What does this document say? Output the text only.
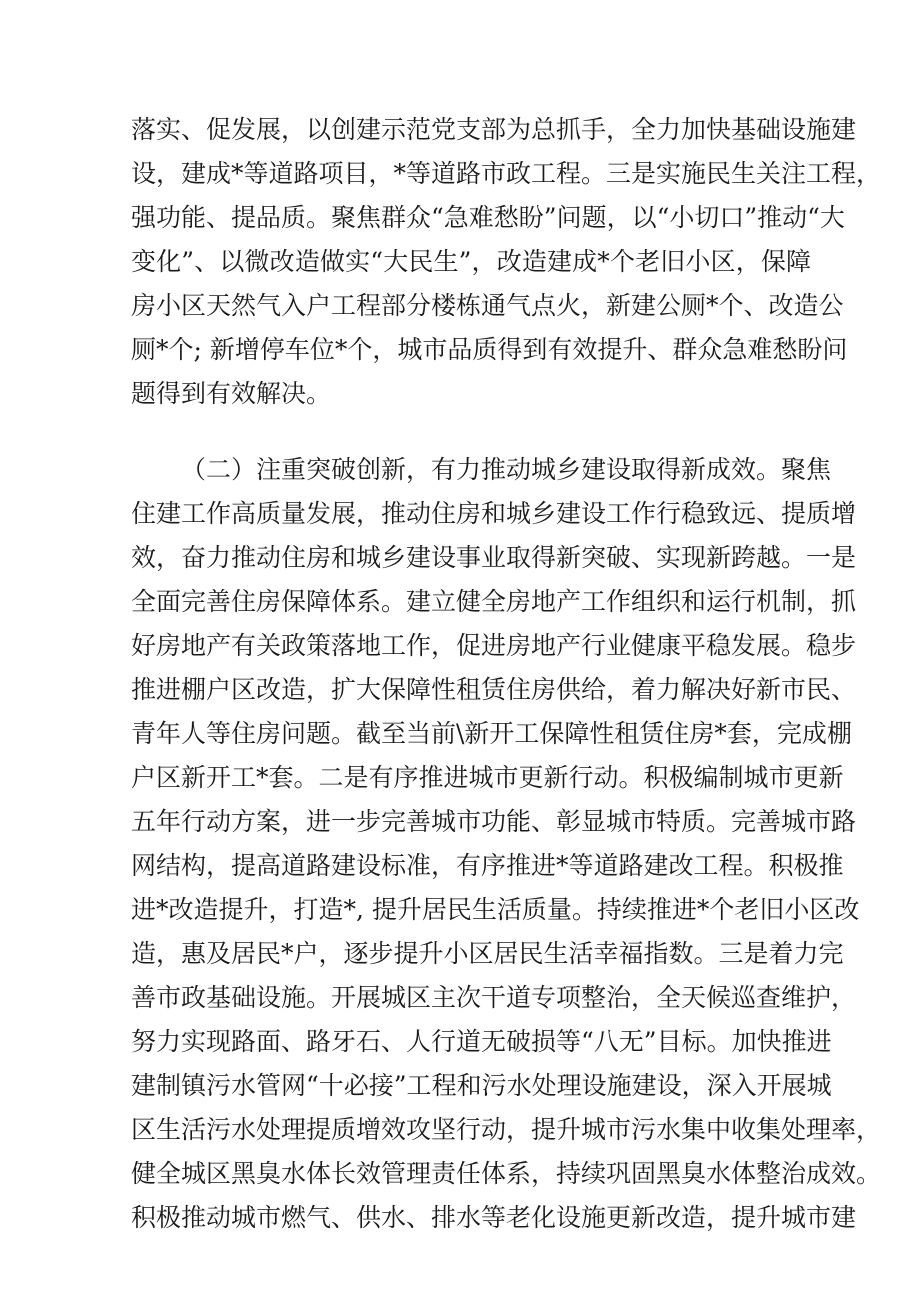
落实、促发展，以创建示范党支部为总抓手，全力加快基础设施建
设，建成*等道路项目，*等道路市政工程。三是实施民生关注工程，
强功能、提品质。聚焦群众“急难愁盼”问题，以“小切口”推动“大
变化”、以微改造做实“大民生”，改造建成*个老旧小区，保障
房小区天然气入户工程部分楼栋通气点火，新建公厕*个、改造公
厕*个; 新增停车位*个，城市品质得到有效提升、群众急难愁盼问
题得到有效解决。
（二）注重突破创新，有力推动城乡建设取得新成效。聚焦
住建工作高质量发展，推动住房和城乡建设工作行稳致远、提质增
效，奋力推动住房和城乡建设事业取得新突破、实现新跨越。一是
全面完善住房保障体系。建立健全房地产工作组织和运行机制，抓
好房地产有关政策落地工作，促进房地产行业健康平稳发展。稳步
推进棚户区改造，扩大保障性租赁住房供给，着力解决好新市民、
青年人等住房问题。截至当前\新开工保障性租赁住房*套，完成棚
户区新开工*套。二是有序推进城市更新行动。积极编制城市更新
五年行动方案，进一步完善城市功能、彰显城市特质。完善城市路
网结构，提高道路建设标准，有序推进*等道路建改工程。积极推
进*改造提升，打造*, 提升居民生活质量。持续推进*个老旧小区改
造，惠及居民*户，逐步提升小区居民生活幸福指数。三是着力完
善市政基础设施。开展城区主次干道专项整治，全天候巡查维护，
努力实现路面、路牙石、人行道无破损等“八无”目标。加快推进
建制镇污水管网“十必接”工程和污水处理设施建设，深入开展城
区生活污水处理提质增效攻坚行动，提升城市污水集中收集处理率，
健全城区黑臭水体长效管理责任体系，持续巩固黑臭水体整治成效。
积极推动城市燃气、供水、排水等老化设施更新改造，提升城市建
